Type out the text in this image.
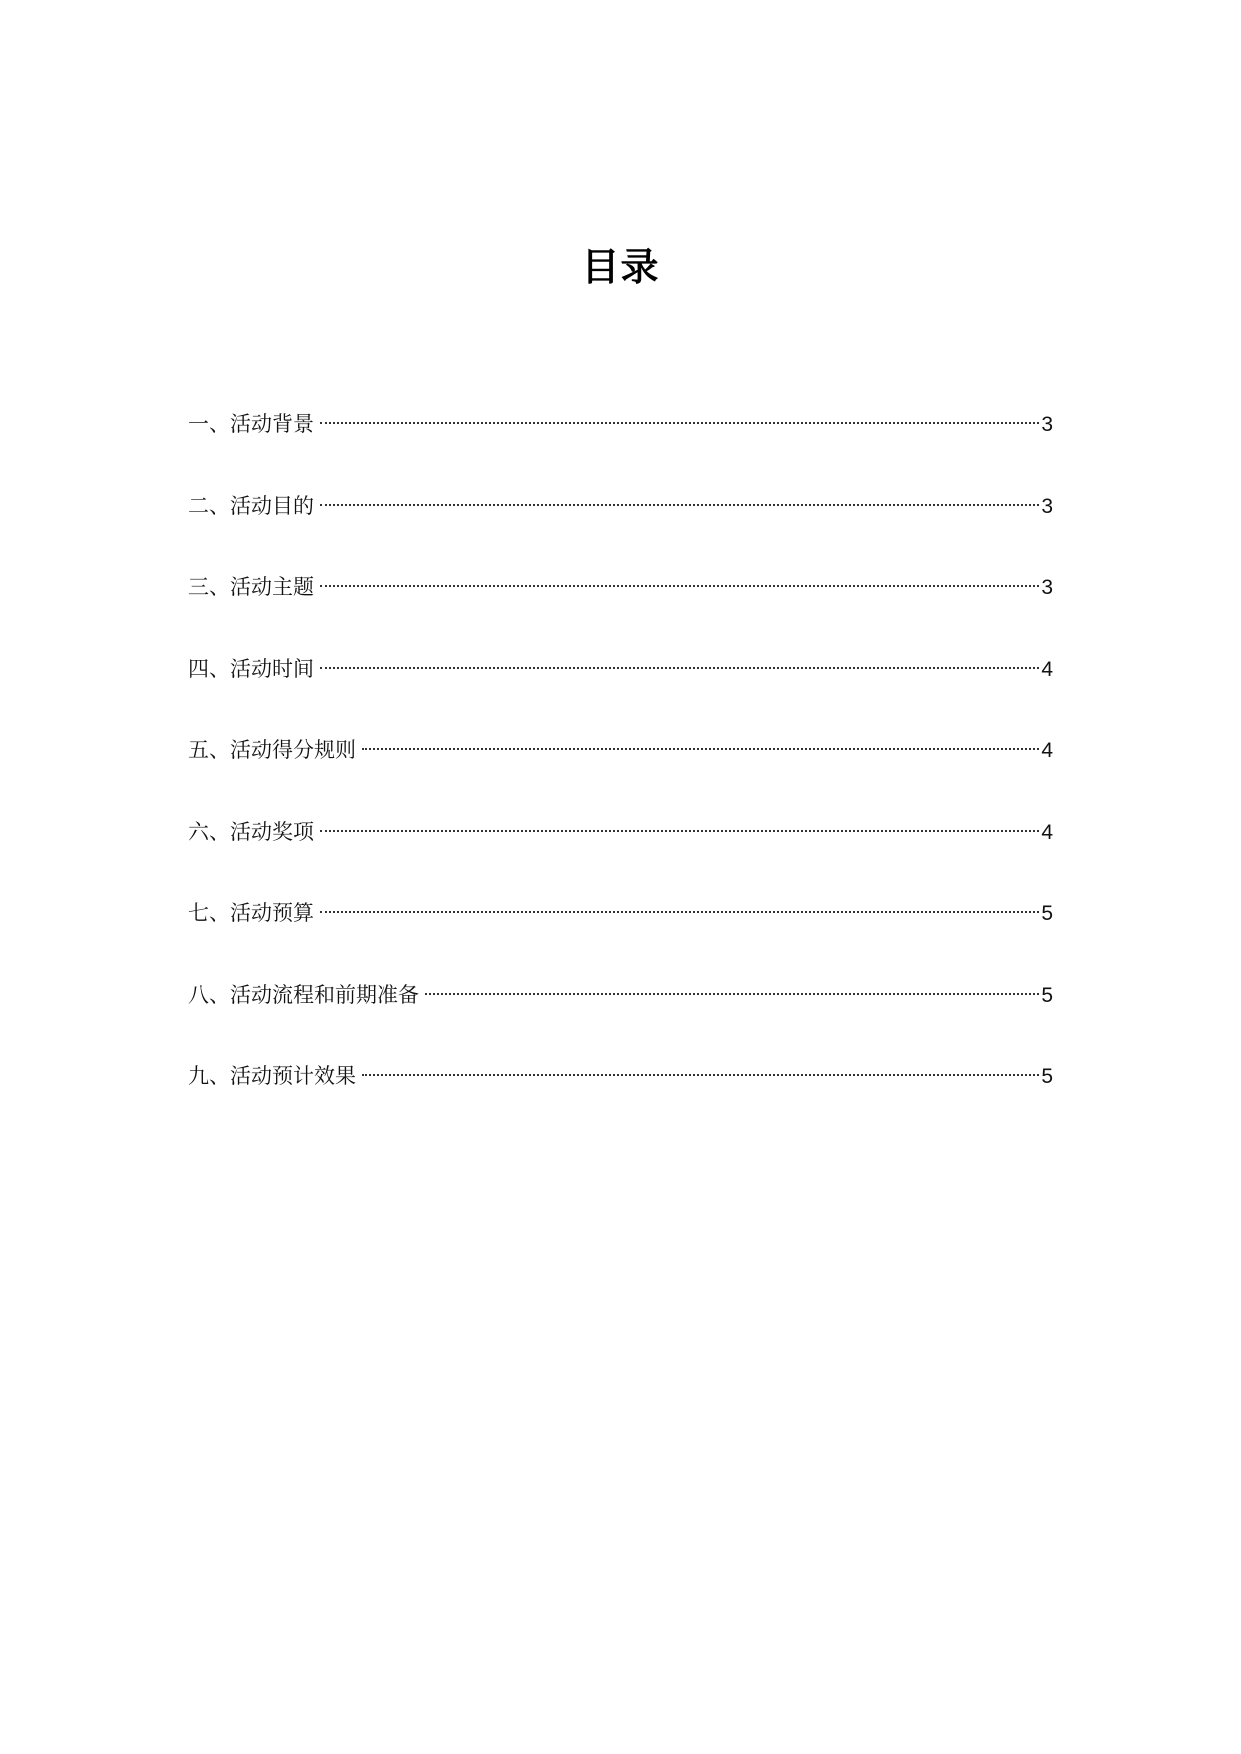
目录
一、活动背景	3
二、活动目的	3
三、活动主题	3
四、活动时间	4
五、活动得分规则	4
六、活动奖项	4
七、活动预算	5
八、活动流程和前期准备	5
九、活动预计效果	5
